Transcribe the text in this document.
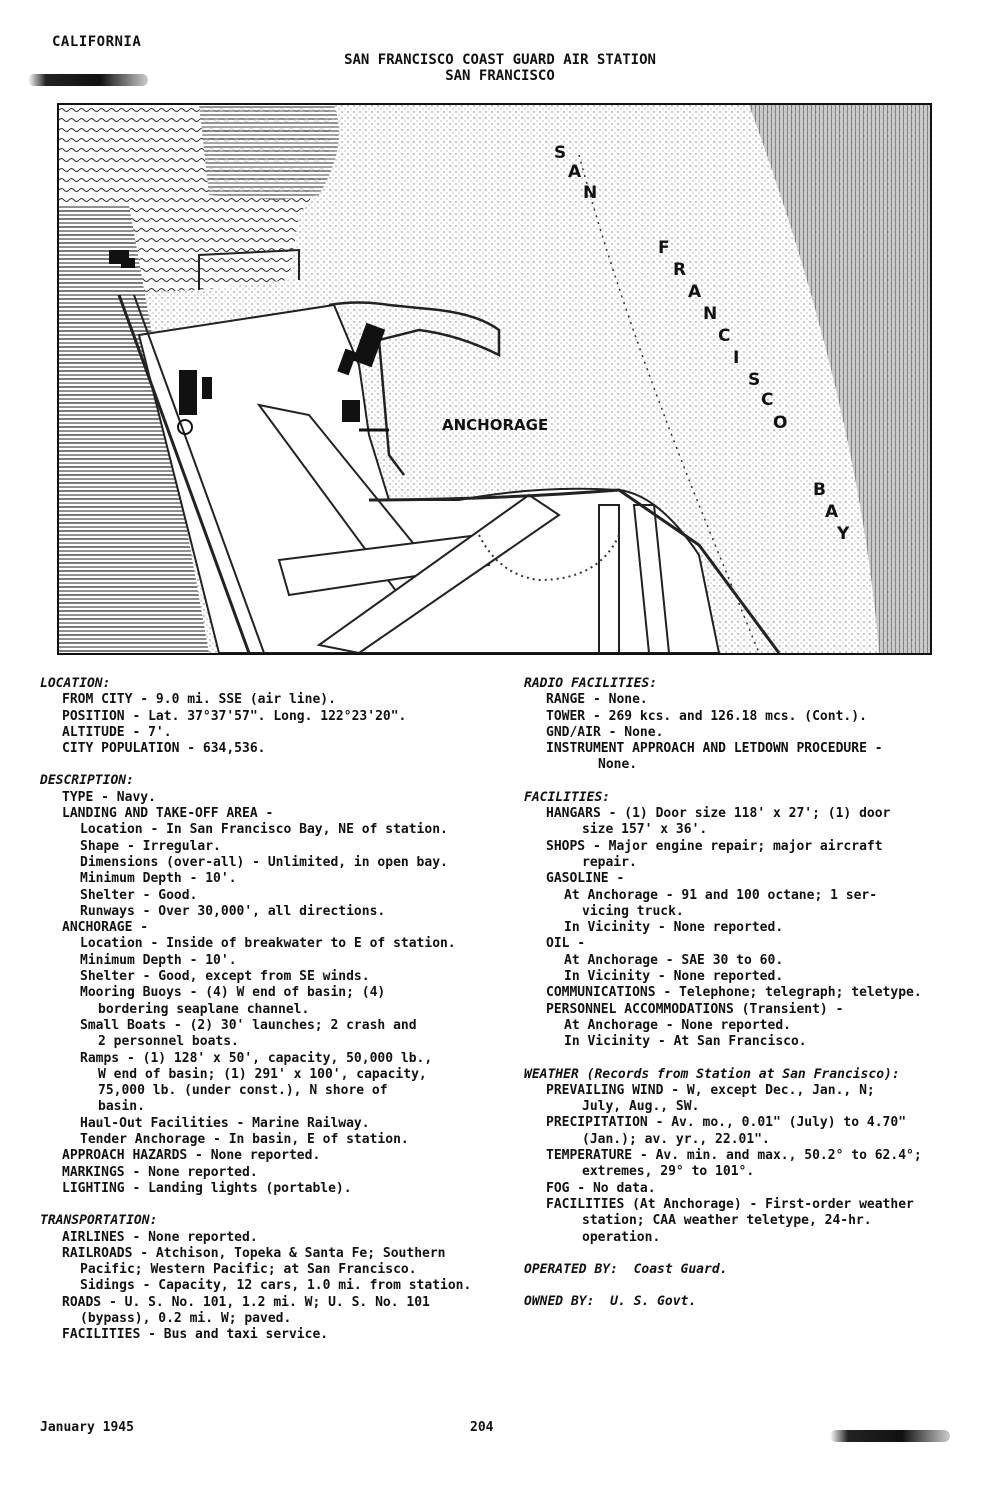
CALIFORNIA
SAN FRANCISCO COAST GUARD AIR STATION
SAN FRANCISCO
S
A
N
F
R
A
N
C
I
S
C
O
B
A
Y
ANCHORAGE
LOCATION:
FROM CITY - 9.0 mi. SSE (air line).
POSITION - Lat. 37°37'57". Long. 122°23'20".
ALTITUDE - 7'.
CITY POPULATION - 634,536.
DESCRIPTION:
TYPE - Navy.
LANDING AND TAKE-OFF AREA -
Location - In San Francisco Bay, NE of station.
Shape - Irregular.
Dimensions (over-all) - Unlimited, in open bay.
Minimum Depth - 10'.
Shelter - Good.
Runways - Over 30,000', all directions.
ANCHORAGE -
Location - Inside of breakwater to E of station.
Minimum Depth - 10'.
Shelter - Good, except from SE winds.
Mooring Buoys - (4) W end of basin; (4)
bordering seaplane channel.
Small Boats - (2) 30' launches; 2 crash and
2 personnel boats.
Ramps - (1) 128' x 50', capacity, 50,000 lb.,
W end of basin; (1) 291' x 100', capacity,
75,000 lb. (under const.), N shore of
basin.
Haul-Out Facilities - Marine Railway.
Tender Anchorage - In basin, E of station.
APPROACH HAZARDS - None reported.
MARKINGS - None reported.
LIGHTING - Landing lights (portable).
TRANSPORTATION:
AIRLINES - None reported.
RAILROADS - Atchison, Topeka & Santa Fe; Southern
Pacific; Western Pacific; at San Francisco.
Sidings - Capacity, 12 cars, 1.0 mi. from station.
ROADS - U. S. No. 101, 1.2 mi. W; U. S. No. 101
(bypass), 0.2 mi. W; paved.
FACILITIES - Bus and taxi service.
RADIO FACILITIES:
RANGE - None.
TOWER - 269 kcs. and 126.18 mcs. (Cont.).
GND/AIR - None.
INSTRUMENT APPROACH AND LETDOWN PROCEDURE -
None.
FACILITIES:
HANGARS - (1) Door size 118' x 27'; (1) door
size 157' x 36'.
SHOPS - Major engine repair; major aircraft
repair.
GASOLINE -
At Anchorage - 91 and 100 octane; 1 ser-
vicing truck.
In Vicinity - None reported.
OIL -
At Anchorage - SAE 30 to 60.
In Vicinity - None reported.
COMMUNICATIONS - Telephone; telegraph; teletype.
PERSONNEL ACCOMMODATIONS (Transient) -
At Anchorage - None reported.
In Vicinity - At San Francisco.
WEATHER (Records from Station at San Francisco):
PREVAILING WIND - W, except Dec., Jan., N;
July, Aug., SW.
PRECIPITATION - Av. mo., 0.01" (July) to 4.70"
(Jan.); av. yr., 22.01".
TEMPERATURE - Av. min. and max., 50.2° to 62.4°;
extremes, 29° to 101°.
FOG - No data.
FACILITIES (At Anchorage) - First-order weather
station; CAA weather teletype, 24-hr.
operation.
OPERATED BY:  Coast Guard.
OWNED BY:  U. S. Govt.
January 1945	204
